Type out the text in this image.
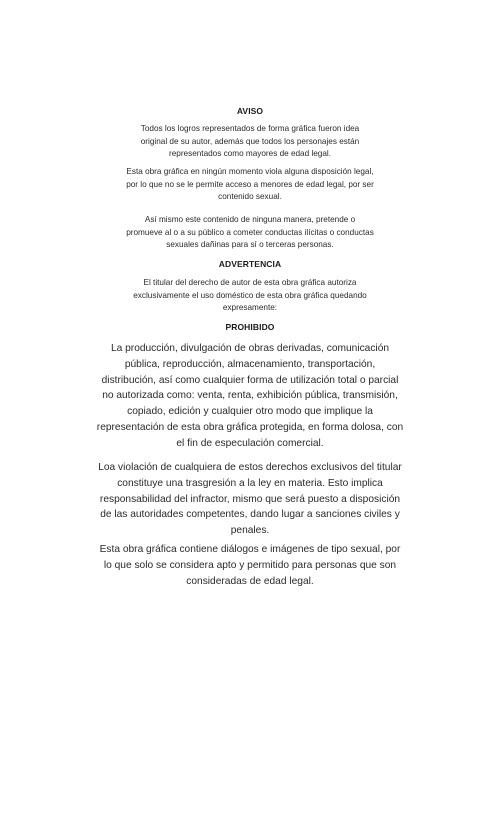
AVISO

Todos los logros representados de forma gráfica fueron idea
original de su autor, además que todos los personajes están
representados como mayores de edad legal.

Esta obra gráfica en ningún momento viola alguna disposición legal,
por lo que no se le permite acceso a menores de edad legal, por ser
contenido sexual.

Así mismo este contenido de ninguna manera, pretende o
promueve al o a su público a cometer conductas ilícitas o conductas
sexuales dañinas para sí o terceras personas.

ADVERTENCIA

El titular del derecho de autor de esta obra gráfica autoriza
exclusivamente el uso doméstico de esta obra gráfica quedando
expresamente:

PROHIBIDO

La producción, divulgación de obras derivadas, comunicación
pública, reproducción, almacenamiento, transportación,
distribución, así como cualquier forma de utilización total o parcial
no autorizada como: venta, renta, exhibición pública, transmisión,
copiado, edición y cualquier otro modo que implique la
representación de esta obra gráfica protegida, en forma dolosa, con
el fin de especulación comercial.

Loa violación de cualquiera de estos derechos exclusivos del titular
constituye una trasgresión a la ley en materia. Esto implica
responsabilidad del infractor, mismo que será puesto a disposición
de las autoridades competentes, dando lugar a sanciones civiles y
penales.

Esta obra gráfica contiene diálogos e imágenes de tipo sexual, por
lo que solo se considera apto y permitido para personas que son
consideradas de edad legal.
